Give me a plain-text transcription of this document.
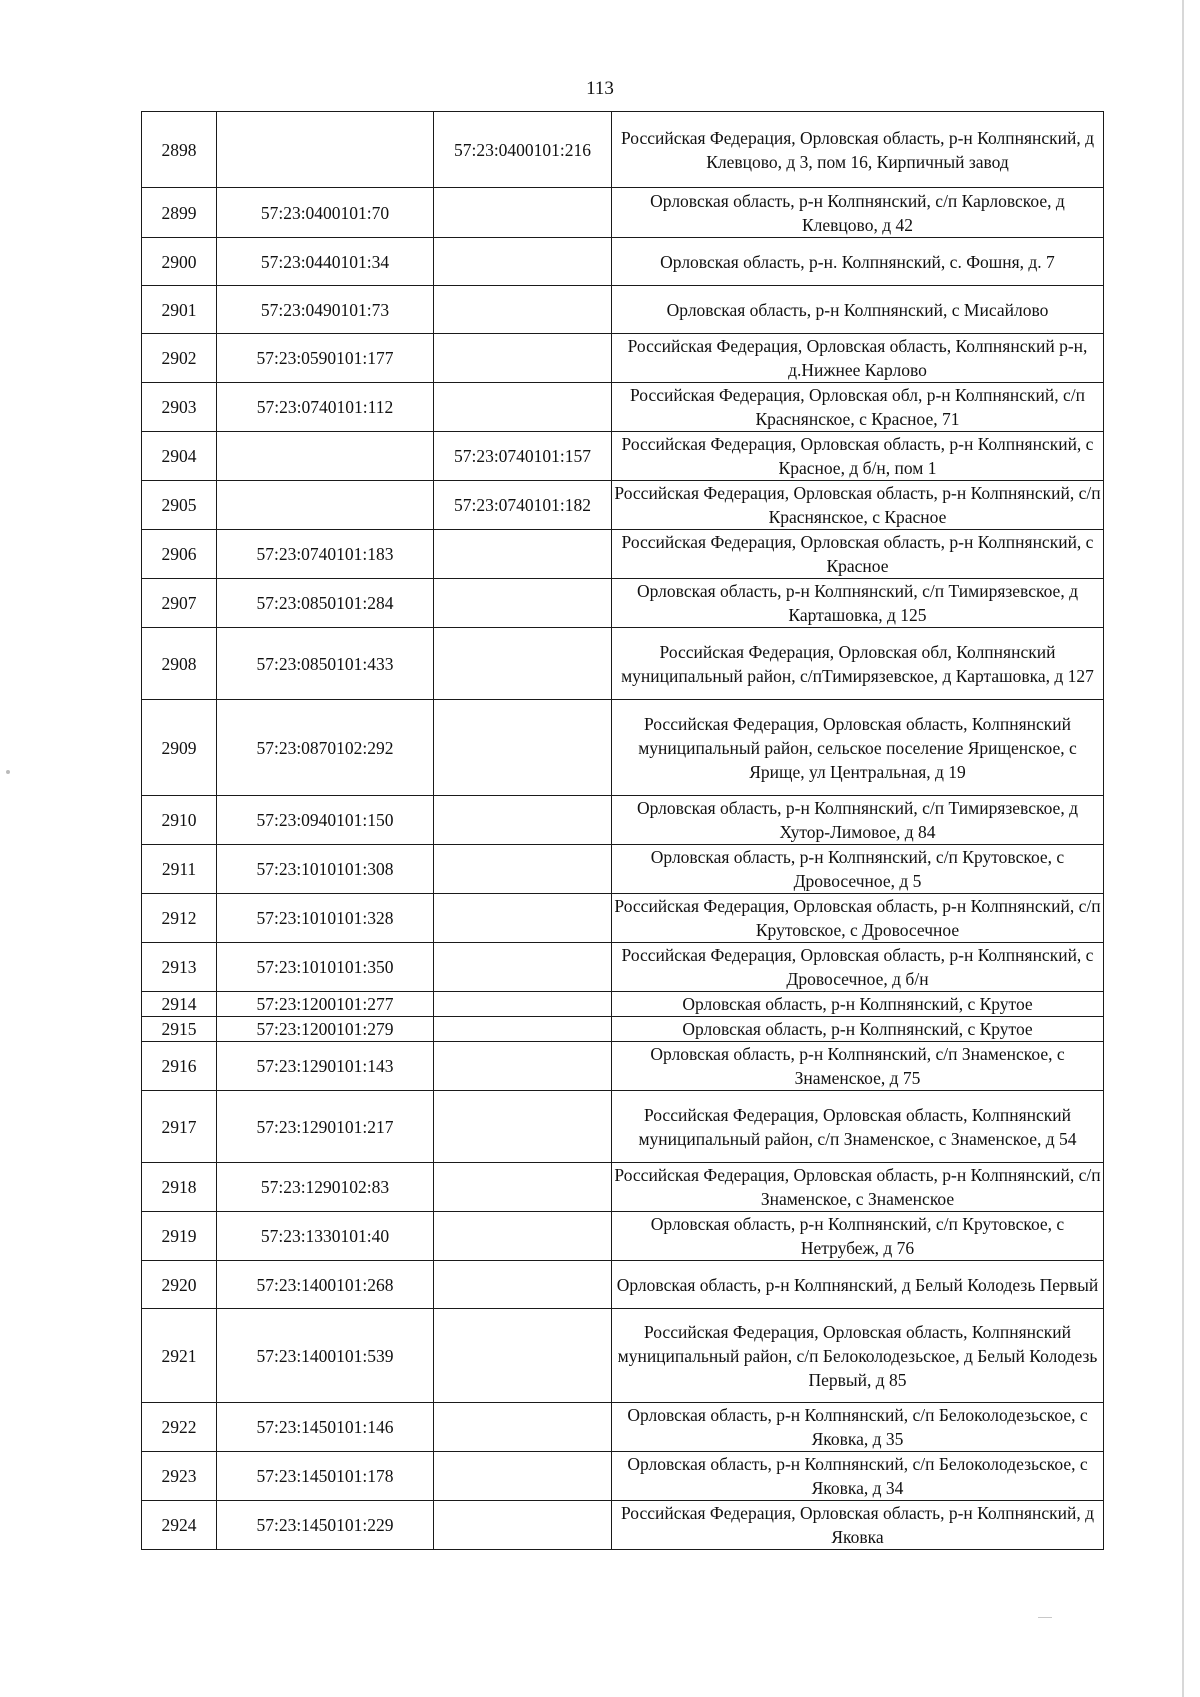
113
2898		57:23:0400101:216	Российская Федерация, Орловская область, р-н Колпнянский, д Клевцово, д 3, пом 16, Кирпичный завод
2899	57:23:0400101:70		Орловская область, р-н Колпнянский, с/п Карловское, д Клевцово, д 42
2900	57:23:0440101:34		Орловская область, р-н. Колпнянский, с. Фошня, д. 7
2901	57:23:0490101:73		Орловская область, р-н Колпнянский, с Мисайлово
2902	57:23:0590101:177		Российская Федерация, Орловская область, Колпнянский р-н, д.Нижнее Карлово
2903	57:23:0740101:112		Российская Федерация, Орловская обл, р-н Колпнянский, с/п Краснянское, с Красное, 71
2904		57:23:0740101:157	Российская Федерация, Орловская область, р-н Колпнянский, с Красное, д б/н, пом 1
2905		57:23:0740101:182	Российская Федерация, Орловская область, р-н Колпнянский, с/п Краснянское, с Красное
2906	57:23:0740101:183		Российская Федерация, Орловская область, р-н Колпнянский, с Красное
2907	57:23:0850101:284		Орловская область, р-н Колпнянский, с/п Тимирязевское, д Карташовка, д 125
2908	57:23:0850101:433		Российская Федерация, Орловская обл, Колпнянский муниципальный район, с/пТимирязевское, д Карташовка, д 127
2909	57:23:0870102:292		Российская Федерация, Орловская область, Колпнянский муниципальный район, сельское поселение Ярищенское, с Ярище, ул Центральная, д 19
2910	57:23:0940101:150		Орловская область, р-н Колпнянский, с/п Тимирязевское, д Хутор-Лимовое, д 84
2911	57:23:1010101:308		Орловская область, р-н Колпнянский, с/п Крутовское, с Дровосечное, д 5
2912	57:23:1010101:328		Российская Федерация, Орловская область, р-н Колпнянский, с/п Крутовское, с Дровосечное
2913	57:23:1010101:350		Российская Федерация, Орловская область, р-н Колпнянский, с Дровосечное, д б/н
2914	57:23:1200101:277		Орловская область, р-н Колпнянский, с Крутое
2915	57:23:1200101:279		Орловская область, р-н Колпнянский, с Крутое
2916	57:23:1290101:143		Орловская область, р-н Колпнянский, с/п Знаменское, с Знаменское, д 75
2917	57:23:1290101:217		Российская Федерация, Орловская область, Колпнянский муниципальный район, с/п Знаменское, с Знаменское, д 54
2918	57:23:1290102:83		Российская Федерация, Орловская область, р-н Колпнянский, с/п Знаменское, с Знаменское
2919	57:23:1330101:40		Орловская область, р-н Колпнянский, с/п Крутовское, с Нетрубеж, д 76
2920	57:23:1400101:268		Орловская область, р-н Колпнянский, д Белый Колодезь Первый
2921	57:23:1400101:539		Российская Федерация, Орловская область, Колпнянский муниципальный район, с/п Белоколодезьское, д Белый Колодезь Первый, д 85
2922	57:23:1450101:146		Орловская область, р-н Колпнянский, с/п Белоколодезьское, с Яковка, д 35
2923	57:23:1450101:178		Орловская область, р-н Колпнянский, с/п Белоколодезьское, с Яковка, д 34
2924	57:23:1450101:229		Российская Федерация, Орловская область, р-н Колпнянский, д Яковка
